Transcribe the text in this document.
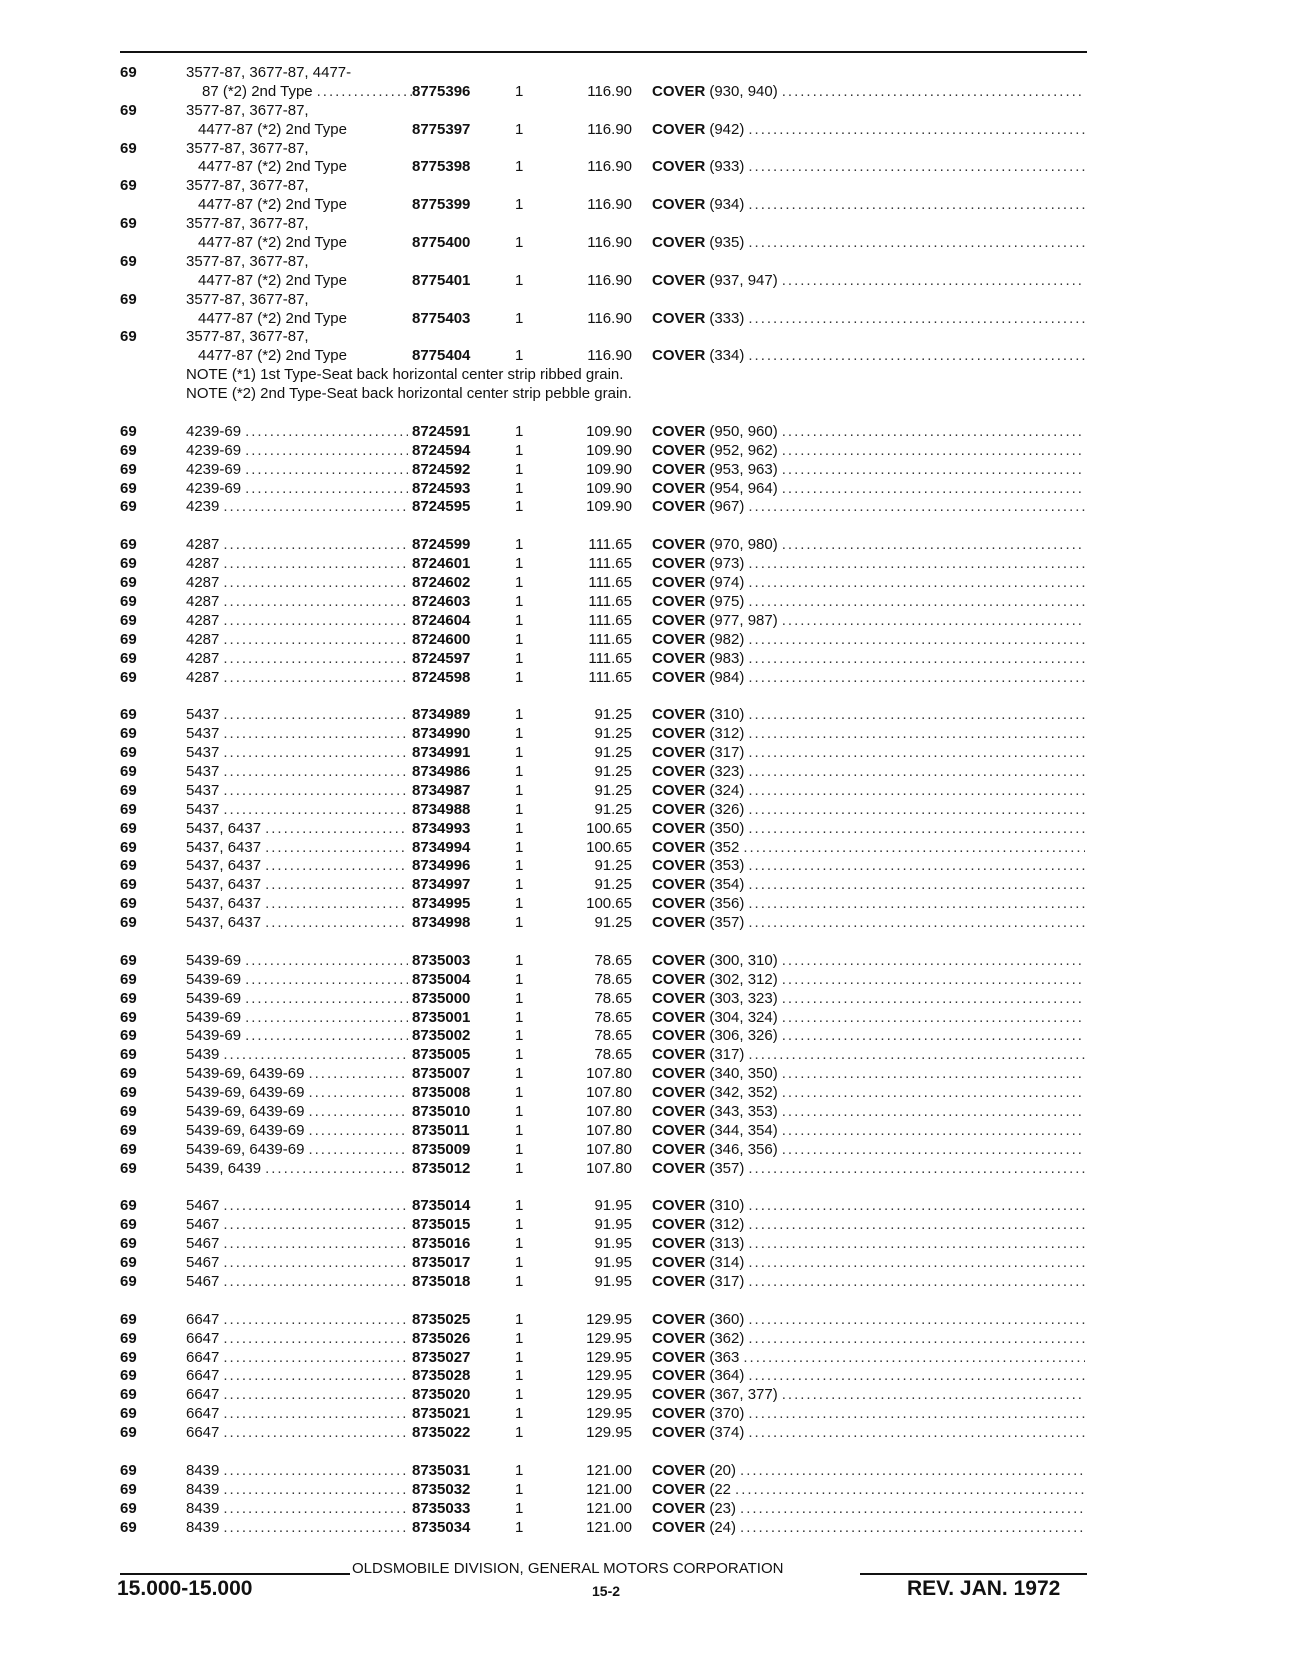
69	3577-87, 3677-87, 4477-
87 (*2) 2nd Type .....	8775396	1	116.90 COVER (930, 940)
.....
69	3577-87, 3677-87,
4477-87 (*2) 2nd Type	8775397	1	116.90 COVER (942)
.....
69	3577-87, 3677-87,
4477-87 (*2) 2nd Type	8775398	1	116.90 COVER (933)
.....
69	3577-87, 3677-87,
4477-87 (*2) 2nd Type	8775399	1	116.90 COVER (934)
.....
69	3577-87, 3677-87,
4477-87 (*2) 2nd Type	8775400	1	116.90 COVER (935)
.....
69	3577-87, 3677-87,
4477-87 (*2) 2nd Type	8775401	1	116.90 COVER (937, 947)
.....
69	3577-87, 3677-87,
4477-87 (*2) 2nd Type	8775403	1	116.90 COVER (333)
.....
69	3577-87, 3677-87,
4477-87 (*2) 2nd Type	8775404	1	116.90 COVER (334)
.....
NOTE (*1) 1st Type-Seat back horizontal center strip ribbed grain.
NOTE (*2) 2nd Type-Seat back horizontal center strip pebble grain.
69	4239-69 .....	8724591	1	109.90 COVER (950, 960)
.....
69	4239-69 .....	8724594	1	109.90 COVER (952, 962)
.....
69	4239-69 .....	8724592	1	109.90 COVER (953, 963)
.....
69	4239-69 .....	8724593	1	109.90 COVER (954, 964)
.....
69	4239 .....	8724595	1	109.90 COVER (967)
.....
69	4287 .....	8724599	1	111.65 COVER (970, 980)
.....
69	4287 .....	8724601	1	111.65 COVER (973)
.....
69	4287 .....	8724602	1	111.65 COVER (974)
.....
69	4287 .....	8724603	1	111.65 COVER (975)
.....
69	4287 .....	8724604	1	111.65 COVER (977, 987)
.....
69	4287 .....	8724600	1	111.65 COVER (982)
.....
69	4287 .....	8724597	1	111.65 COVER (983)
.....
69	4287 .....	8724598	1	111.65 COVER (984)
.....
69	5437 .....	8734989	1	91.25 COVER (310)
.....
69	5437 .....	8734990	1	91.25 COVER (312)
.....
69	5437 .....	8734991	1	91.25 COVER (317)
.....
69	5437 .....	8734986	1	91.25 COVER (323)
.....
69	5437 .....	8734987	1	91.25 COVER (324)
.....
69	5437 .....	8734988	1	91.25 COVER (326)
.....
69	5437, 6437 .....	8734993	1	100.65 COVER (350)
.....
69	5437, 6437 .....	8734994	1	100.65 COVER (352
.....
69	5437, 6437 .....	8734996	1	91.25 COVER (353)
.....
69	5437, 6437 .....	8734997	1	91.25 COVER (354)
.....
69	5437, 6437 .....	8734995	1	100.65 COVER (356)
.....
69	5437, 6437 .....	8734998	1	91.25 COVER (357)
.....
69	5439-69 .....	8735003	1	78.65 COVER (300, 310)
.....
69	5439-69 .....	8735004	1	78.65 COVER (302, 312)
.....
69	5439-69 .....	8735000	1	78.65 COVER (303, 323)
.....
69	5439-69 .....	8735001	1	78.65 COVER (304, 324)
.....
69	5439-69 .....	8735002	1	78.65 COVER (306, 326)
.....
69	5439 .....	8735005	1	78.65 COVER (317)
.....
69	5439-69, 6439-69 .....	8735007	1	107.80 COVER (340, 350)
.....
69	5439-69, 6439-69 .....	8735008	1	107.80 COVER (342, 352)
.....
69	5439-69, 6439-69 .....	8735010	1	107.80 COVER (343, 353)
.....
69	5439-69, 6439-69 .....	8735011	1	107.80 COVER (344, 354)
.....
69	5439-69, 6439-69 .....	8735009	1	107.80 COVER (346, 356)
.....
69	5439, 6439 .....	8735012	1	107.80 COVER (357)
.....
69	5467 .....	8735014	1	91.95 COVER (310)
.....
69	5467 .....	8735015	1	91.95 COVER (312)
.....
69	5467 .....	8735016	1	91.95 COVER (313)
.....
69	5467 .....	8735017	1	91.95 COVER (314)
.....
69	5467 .....	8735018	1	91.95 COVER (317)
.....
69	6647 .....	8735025	1	129.95 COVER (360)
.....
69	6647 .....	8735026	1	129.95 COVER (362)
.....
69	6647 .....	8735027	1	129.95 COVER (363
.....
69	6647 .....	8735028	1	129.95 COVER (364)
.....
69	6647 .....	8735020	1	129.95 COVER (367, 377)
.....
69	6647 .....	8735021	1	129.95 COVER (370)
.....
69	6647 .....	8735022	1	129.95 COVER (374)
.....
69	8439 .....	8735031	1	121.00 COVER (20)
.....
69	8439 .....	8735032	1	121.00 COVER (22
.....
69	8439 .....	8735033	1	121.00 COVER (23)
.....
69	8439 .....	8735034	1	121.00 COVER (24)
.....
OLDSMOBILE DIVISION, GENERAL MOTORS CORPORATION
15.000-15.000	15-2	REV. JAN. 1972
